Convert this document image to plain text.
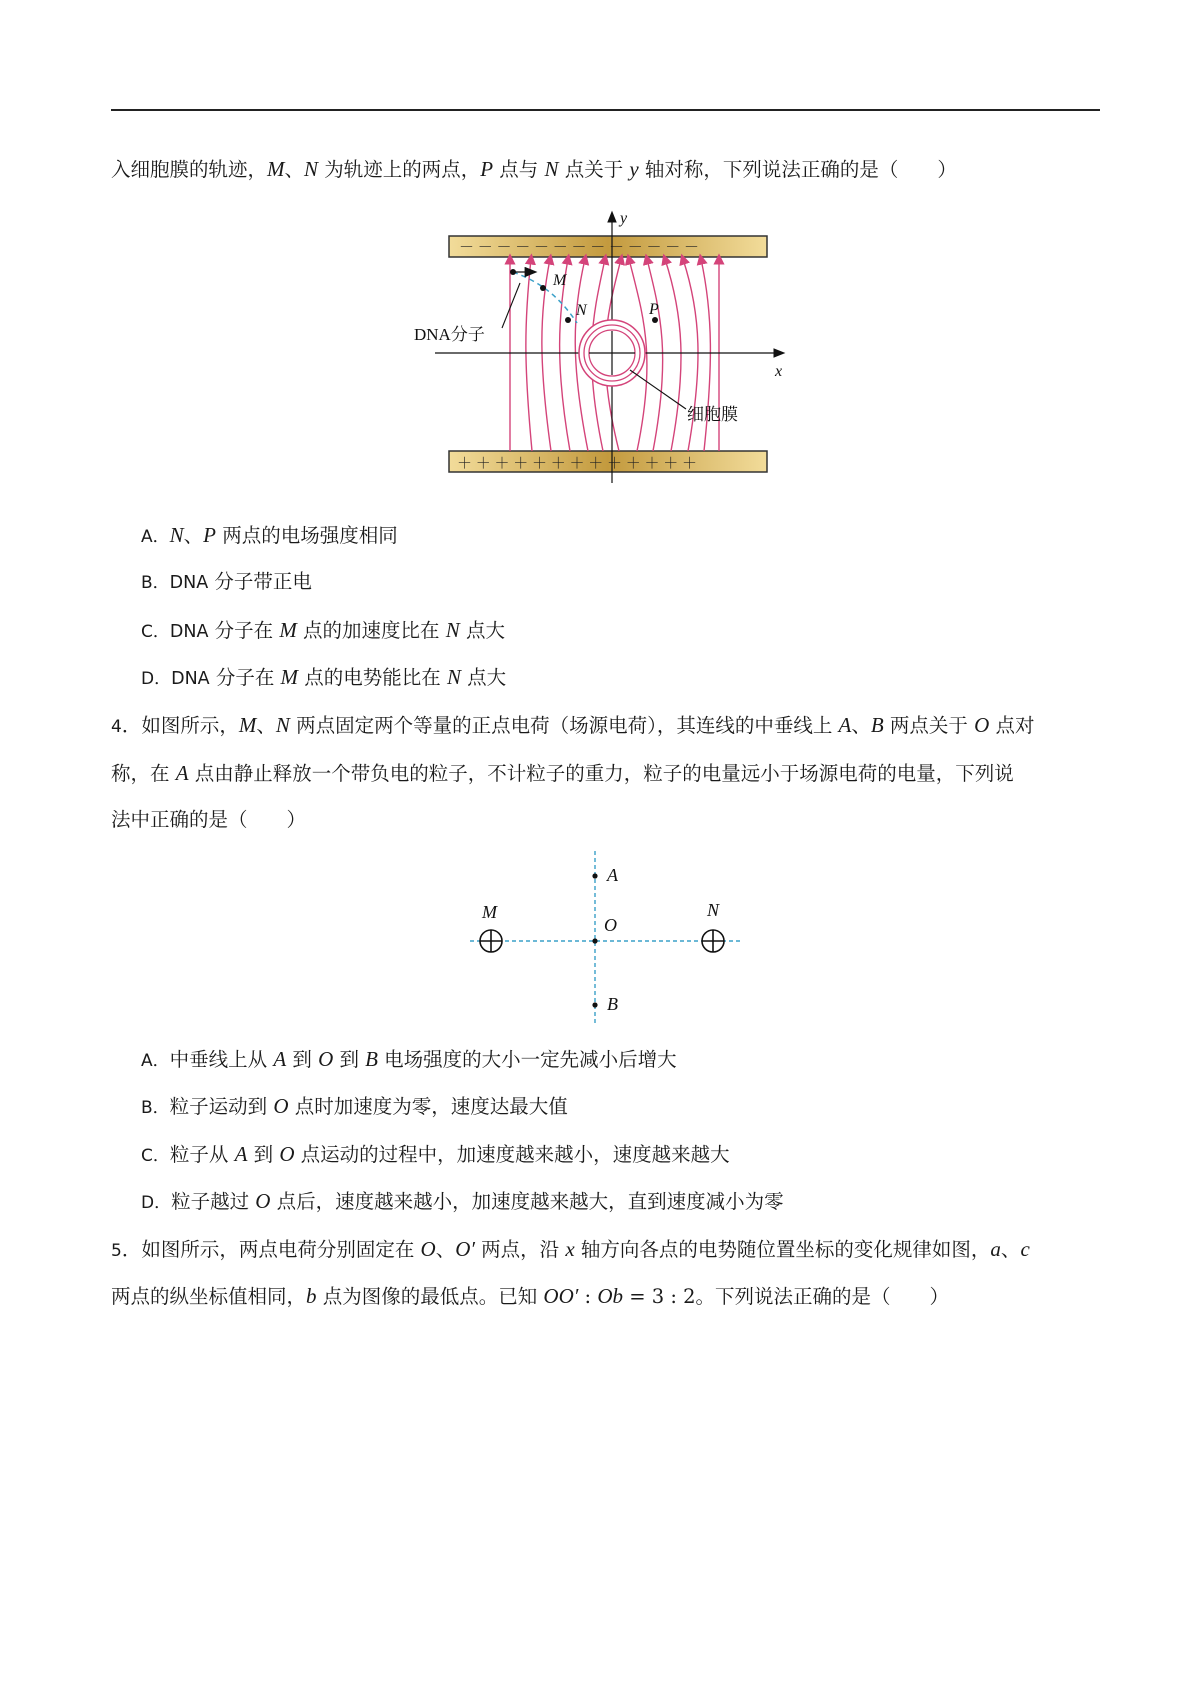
入细胞膜的轨迹，M、N 为轨迹上的两点，P 点与 N 点关于 y 轴对称，下列说法正确的是（　　）
－ － － － － － － － － － － － －
＋ ＋ ＋ ＋ ＋ ＋ ＋ ＋ ＋ ＋ ＋ ＋ ＋
x
y
M
N	P
DNA分子
细胞膜
A．N、P 两点的电场强度相同
B．DNA 分子带正电
C．DNA 分子在 M 点的加速度比在 N 点大
D．DNA 分子在 M 点的电势能比在 N 点大
4．如图所示，M、N 两点固定两个等量的正点电荷（场源电荷），其连线的中垂线上 A、B 两点关于 O 点对
称，在 A 点由静止释放一个带负电的粒子，不计粒子的重力，粒子的电量远小于场源电荷的电量，下列说
法中正确的是（　　）
A
O
B
M	N
A．中垂线上从 A 到 O 到 B 电场强度的大小一定先减小后增大
B．粒子运动到 O 点时加速度为零，速度达最大值
C．粒子从 A 到 O 点运动的过程中，加速度越来越小，速度越来越大
D．粒子越过 O 点后，速度越来越小，加速度越来越大，直到速度减小为零
5．如图所示，两点电荷分别固定在 O、O′ 两点，沿 x 轴方向各点的电势随位置坐标的变化规律如图，a、c
两点的纵坐标值相同，b 点为图像的最低点。已知 OO′ : Ob = 3 : 2。下列说法正确的是（　　）
